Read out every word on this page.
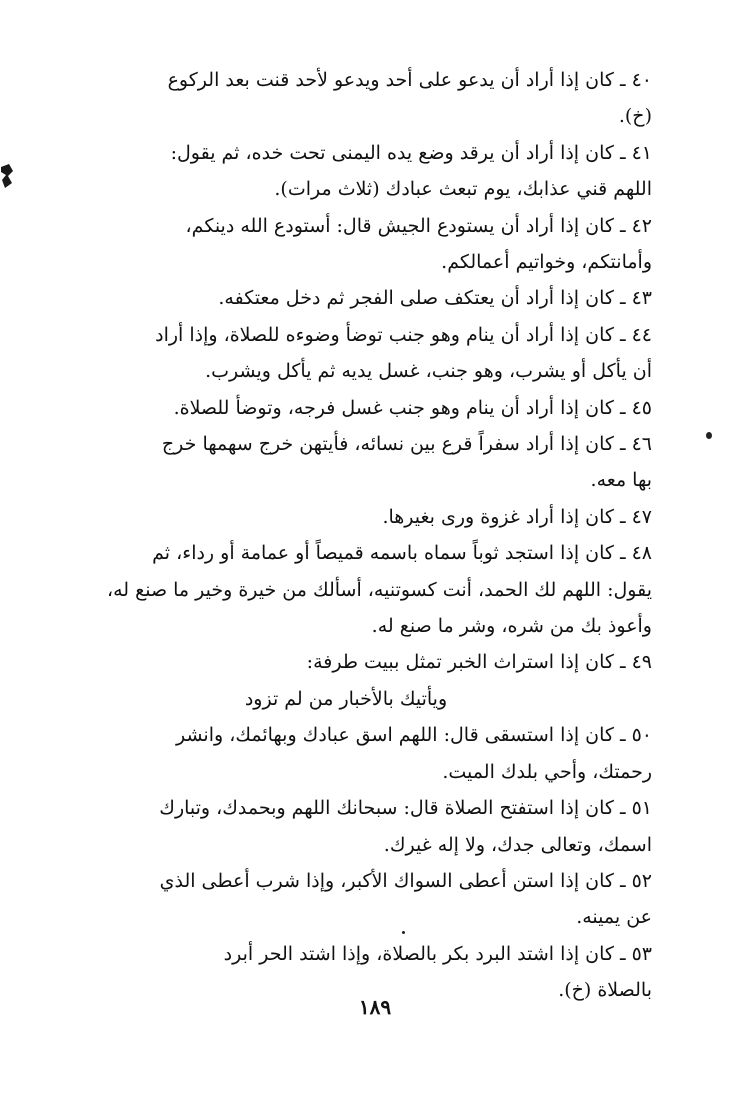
٤٠ ـ كان إذا أراد أن يدعو على أحد ويدعو لأحد قنت بعد الركوع
(خ).
٤١ ـ كان إذا أراد أن يرقد وضع يده اليمنى تحت خده، ثم يقول:
اللهم قني عذابك، يوم تبعث عبادك (ثلاث مرات).
٤٢ ـ كان إذا أراد أن يستودع الجيش قال: أستودع الله دينكم،
وأمانتكم، وخواتيم أعمالكم.
٤٣ ـ كان إذا أراد أن يعتكف صلى الفجر ثم دخل معتكفه.
٤٤ ـ كان إذا أراد أن ينام وهو جنب توضأ وضوءه للصلاة، وإذا أراد
أن يأكل أو يشرب، وهو جنب، غسل يديه ثم يأكل ويشرب.
٤٥ ـ كان إذا أراد أن ينام وهو جنب غسل فرجه، وتوضأ للصلاة.
٤٦ ـ كان إذا أراد سفراً قرع بين نسائه، فأيتهن خرج سهمها خرج
بها معه.
٤٧ ـ كان إذا أراد غزوة ورى بغيرها.
٤٨ ـ كان إذا استجد ثوباً سماه باسمه قميصاً أو عمامة أو رداء، ثم
يقول: اللهم لك الحمد، أنت كسوتنيه، أسألك من خيرة وخير ما صنع له،
وأعوذ بك من شره، وشر ما صنع له.
٤٩ ـ كان إذا استراث الخبر تمثل ببيت طرفة:
ويأتيك بالأخبار من لم تزود
٥٠ ـ كان إذا استسقى قال: اللهم اسق عبادك وبهائمك، وانشر
رحمتك، وأحي بلدك الميت.
٥١ ـ كان إذا استفتح الصلاة قال: سبحانك اللهم وبحمدك، وتبارك
اسمك، وتعالى جدك، ولا إله غيرك.
٥٢ ـ كان إذا استن أعطى السواك الأكبر، وإذا شرب أعطى الذي
عن يمينه.
٥٣ ـ كان إذا اشتد البرد بكر بالصلاة، وإذا اشتد الحر أبرد
بالصلاة (خ).
١٨٩
